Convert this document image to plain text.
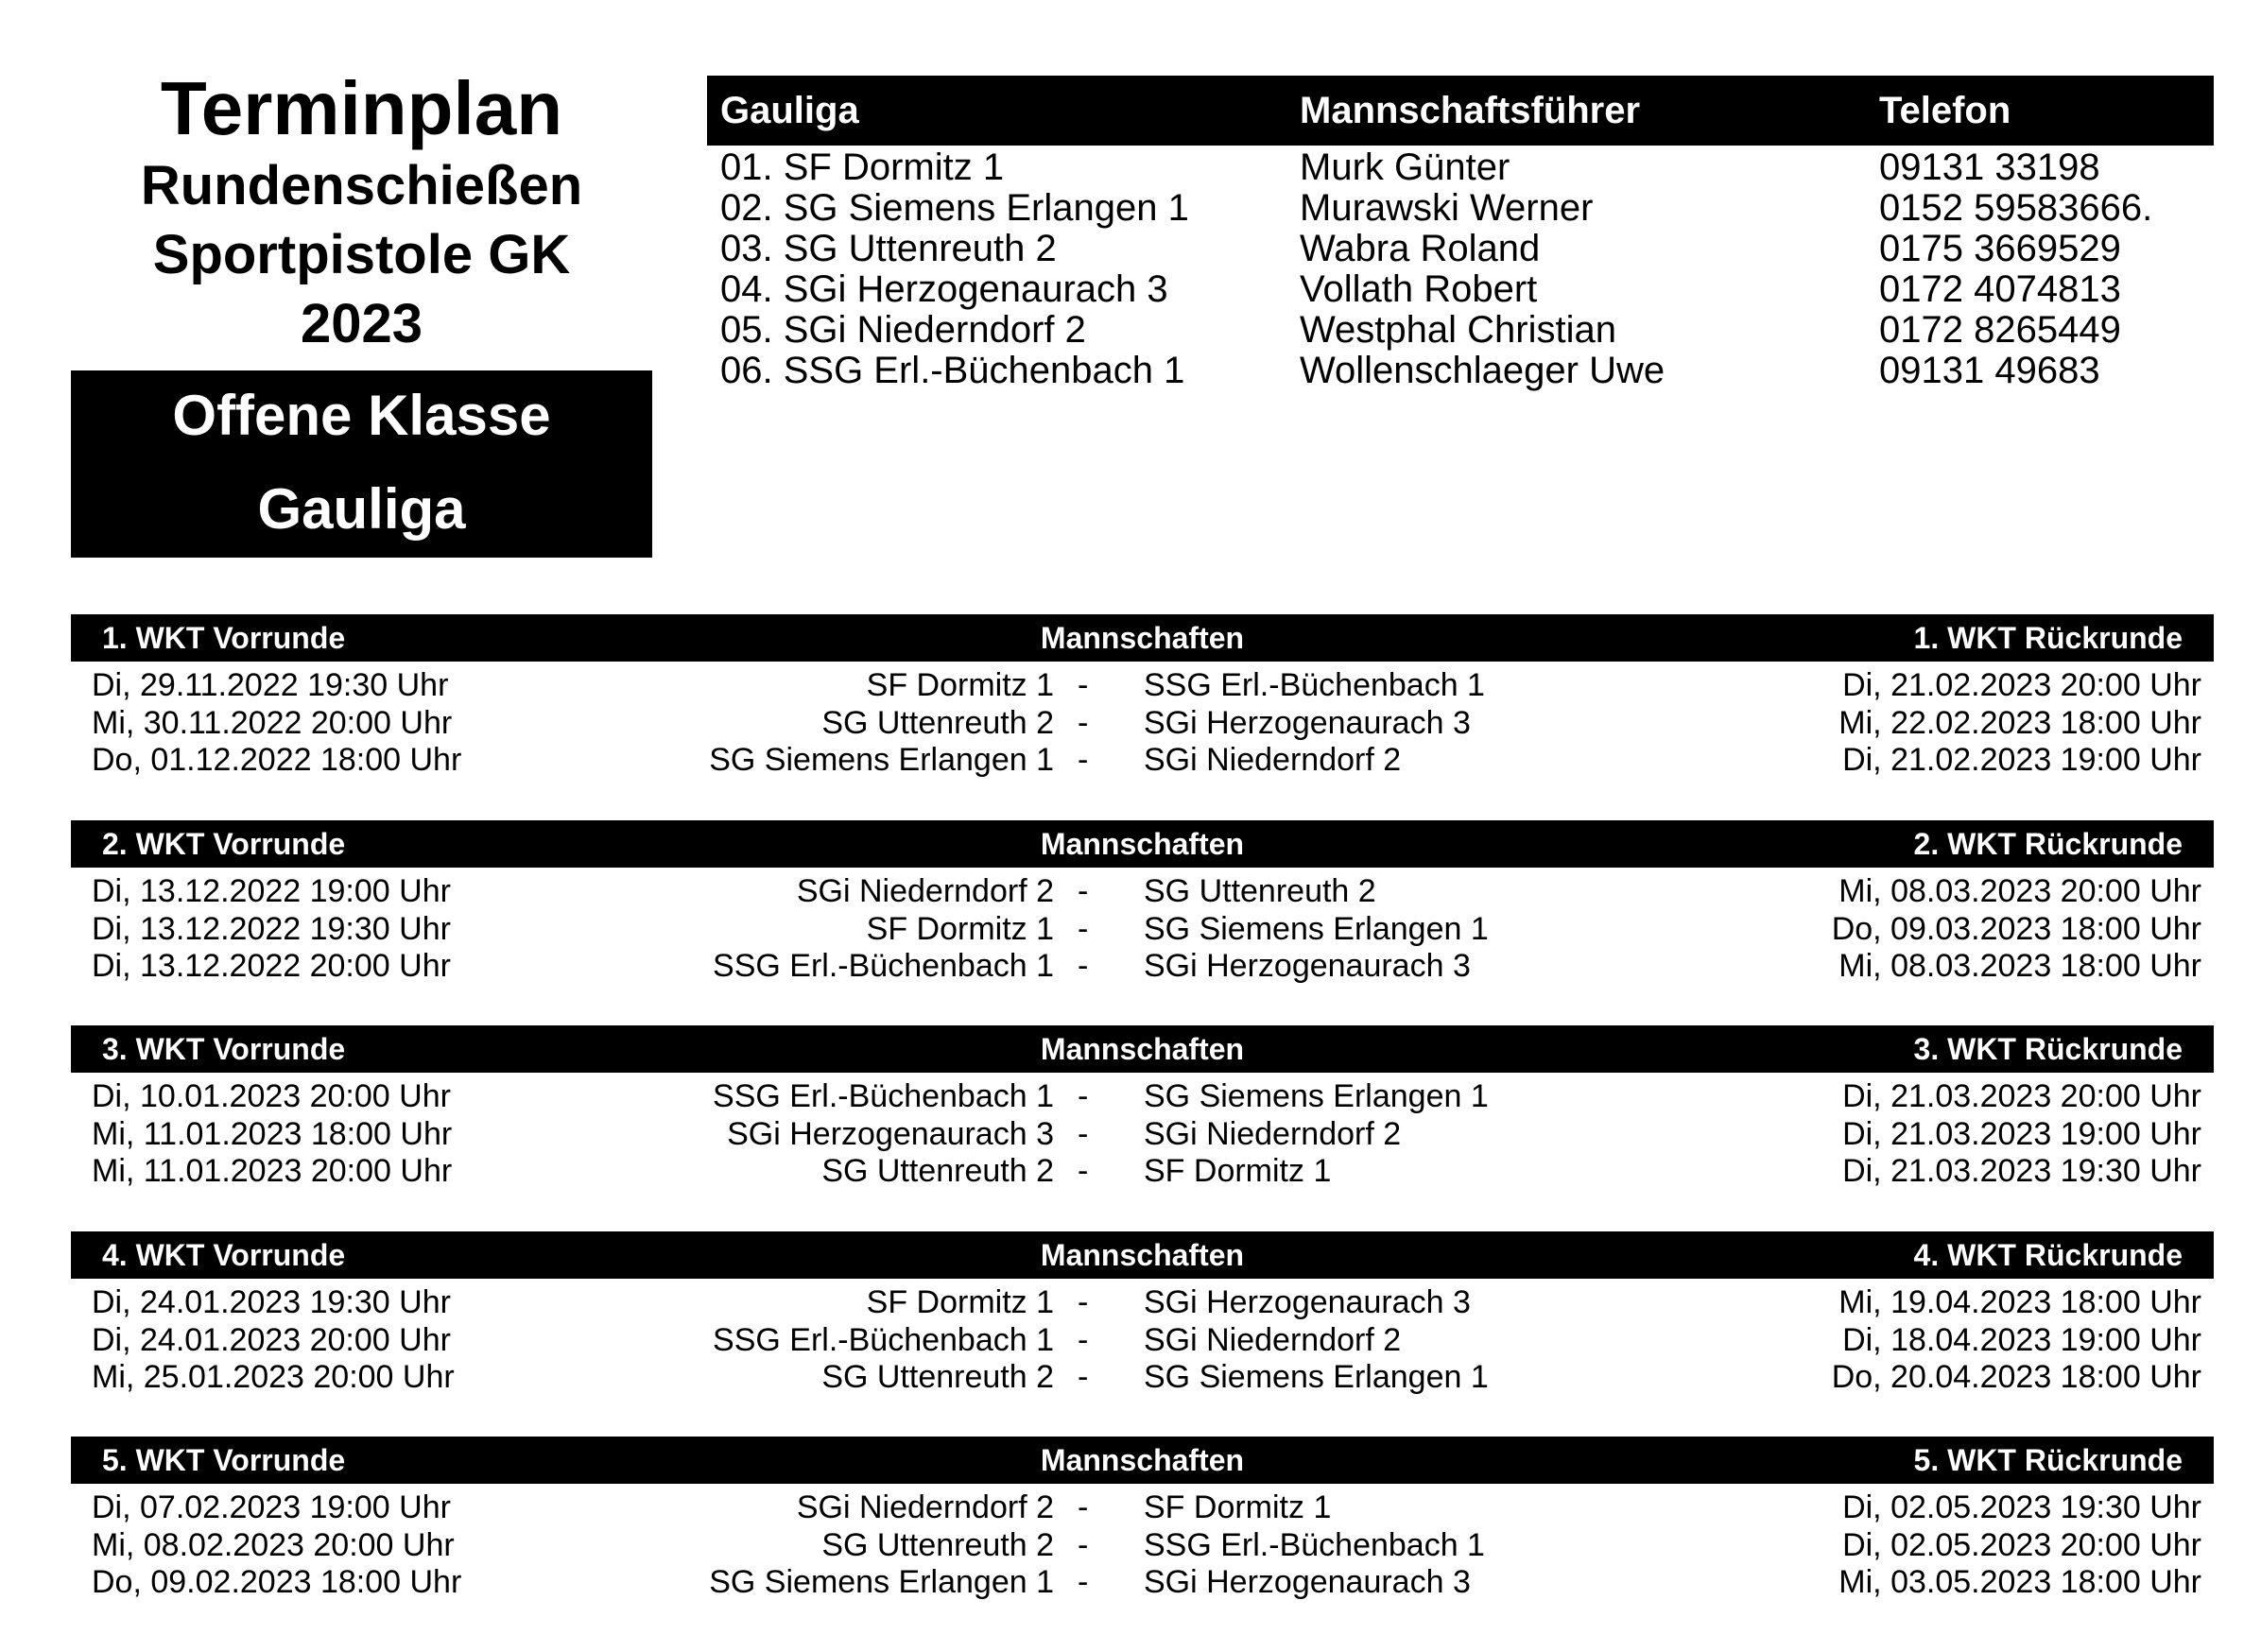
Terminplan
Rundenschießen
Sportpistole GK
2023
Offene Klasse
Gauliga
Gauliga	Mannschaftsführer	Telefon
01. SF Dormitz 1	Murk Günter	09131 33198
02. SG Siemens Erlangen 1	Murawski Werner	0152 59583666.
03. SG Uttenreuth 2	Wabra Roland	0175 3669529
04. SGi Herzogenaurach 3	Vollath Robert	0172 4074813
05. SGi Niederndorf 2	Westphal Christian	0172 8265449
06. SSG Erl.-Büchenbach 1	Wollenschlaeger Uwe	09131 49683
Mannschaften
1. WKT Vorrunde	1. WKT Rückrunde
Di, 29.11.2022 19:30 Uhr	SF Dormitz 1 - SSG Erl.-Büchenbach 1	Di, 21.02.2023 20:00 Uhr
Mi, 30.11.2022 20:00 Uhr	SG Uttenreuth 2 - SGi Herzogenaurach 3	Mi, 22.02.2023 18:00 Uhr
Do, 01.12.2022 18:00 Uhr	SG Siemens Erlangen 1 - SGi Niederndorf 2	Di, 21.02.2023 19:00 Uhr
Mannschaften
2. WKT Vorrunde	2. WKT Rückrunde
Di, 13.12.2022 19:00 Uhr	SGi Niederndorf 2 - SG Uttenreuth 2	Mi, 08.03.2023 20:00 Uhr
Di, 13.12.2022 19:30 Uhr	SF Dormitz 1 - SG Siemens Erlangen 1	Do, 09.03.2023 18:00 Uhr
Di, 13.12.2022 20:00 Uhr	SSG Erl.-Büchenbach 1 - SGi Herzogenaurach 3	Mi, 08.03.2023 18:00 Uhr
Mannschaften
3. WKT Vorrunde	3. WKT Rückrunde
Di, 10.01.2023 20:00 Uhr	SSG Erl.-Büchenbach 1 - SG Siemens Erlangen 1	Di, 21.03.2023 20:00 Uhr
Mi, 11.01.2023 18:00 Uhr	SGi Herzogenaurach 3 - SGi Niederndorf 2	Di, 21.03.2023 19:00 Uhr
Mi, 11.01.2023 20:00 Uhr	SG Uttenreuth 2 - SF Dormitz 1	Di, 21.03.2023 19:30 Uhr
Mannschaften
4. WKT Vorrunde	4. WKT Rückrunde
Di, 24.01.2023 19:30 Uhr	SF Dormitz 1 - SGi Herzogenaurach 3	Mi, 19.04.2023 18:00 Uhr
Di, 24.01.2023 20:00 Uhr	SSG Erl.-Büchenbach 1 - SGi Niederndorf 2	Di, 18.04.2023 19:00 Uhr
Mi, 25.01.2023 20:00 Uhr	SG Uttenreuth 2 - SG Siemens Erlangen 1	Do, 20.04.2023 18:00 Uhr
Mannschaften
5. WKT Vorrunde	5. WKT Rückrunde
Di, 07.02.2023 19:00 Uhr	SGi Niederndorf 2 - SF Dormitz 1	Di, 02.05.2023 19:30 Uhr
Mi, 08.02.2023 20:00 Uhr	SG Uttenreuth 2 - SSG Erl.-Büchenbach 1	Di, 02.05.2023 20:00 Uhr
Do, 09.02.2023 18:00 Uhr	SG Siemens Erlangen 1 - SGi Herzogenaurach 3	Mi, 03.05.2023 18:00 Uhr
